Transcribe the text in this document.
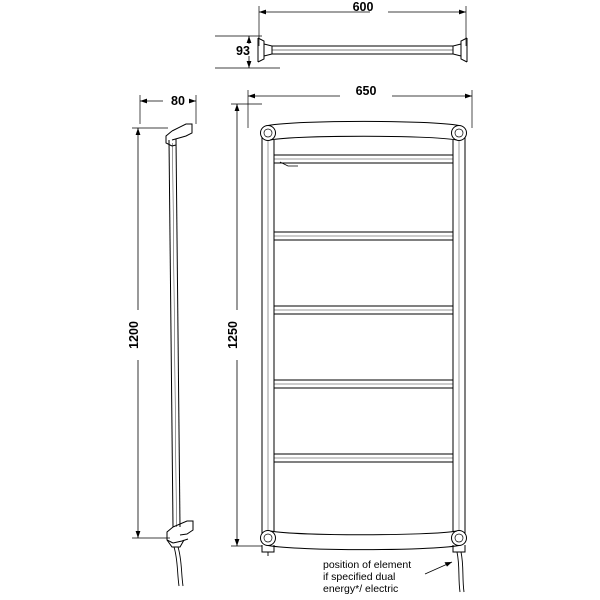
600
93
80
1200
650
1250
position of element
if specified dual
energy*/ electric
